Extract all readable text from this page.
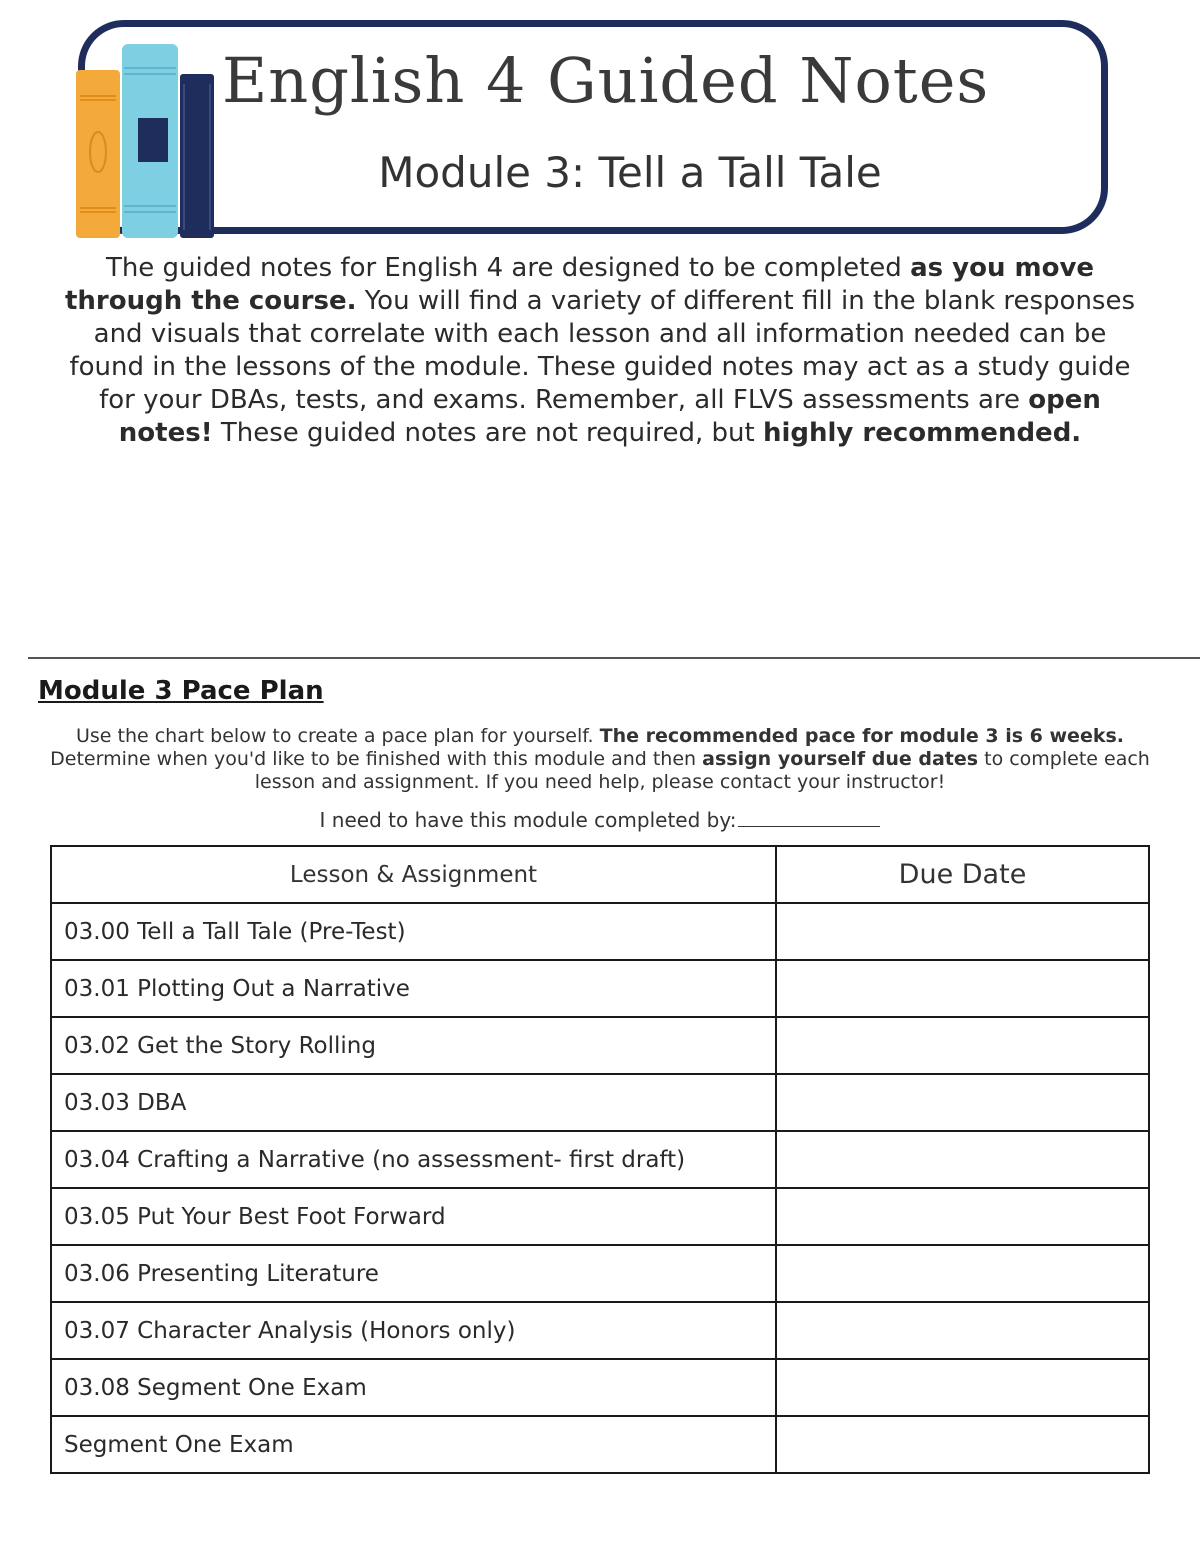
English 4 Guided Notes
Module 3: Tell a Tall Tale
The guided notes for English 4 are designed to be completed as you move through the course. You will find a variety of different fill in the blank responses and visuals that correlate with each lesson and all information needed can be found in the lessons of the module. These guided notes may act as a study guide for your DBAs, tests, and exams. Remember, all FLVS assessments are open notes! These guided notes are not required, but highly recommended.
Module 3 Pace Plan
Use the chart below to create a pace plan for yourself. The recommended pace for module 3 is 6 weeks. Determine when you'd like to be finished with this module and then assign yourself due dates to complete each lesson and assignment. If you need help, please contact your instructor!
I need to have this module completed by:
Lesson & Assignment	Due Date
03.00 Tell a Tall Tale (Pre-Test)	
03.01 Plotting Out a Narrative	
03.02 Get the Story Rolling	
03.03 DBA	
03.04 Crafting a Narrative (no assessment- first draft)	
03.05 Put Your Best Foot Forward	
03.06 Presenting Literature	
03.07 Character Analysis (Honors only)	
03.08 Segment One Exam	
Segment One Exam	
